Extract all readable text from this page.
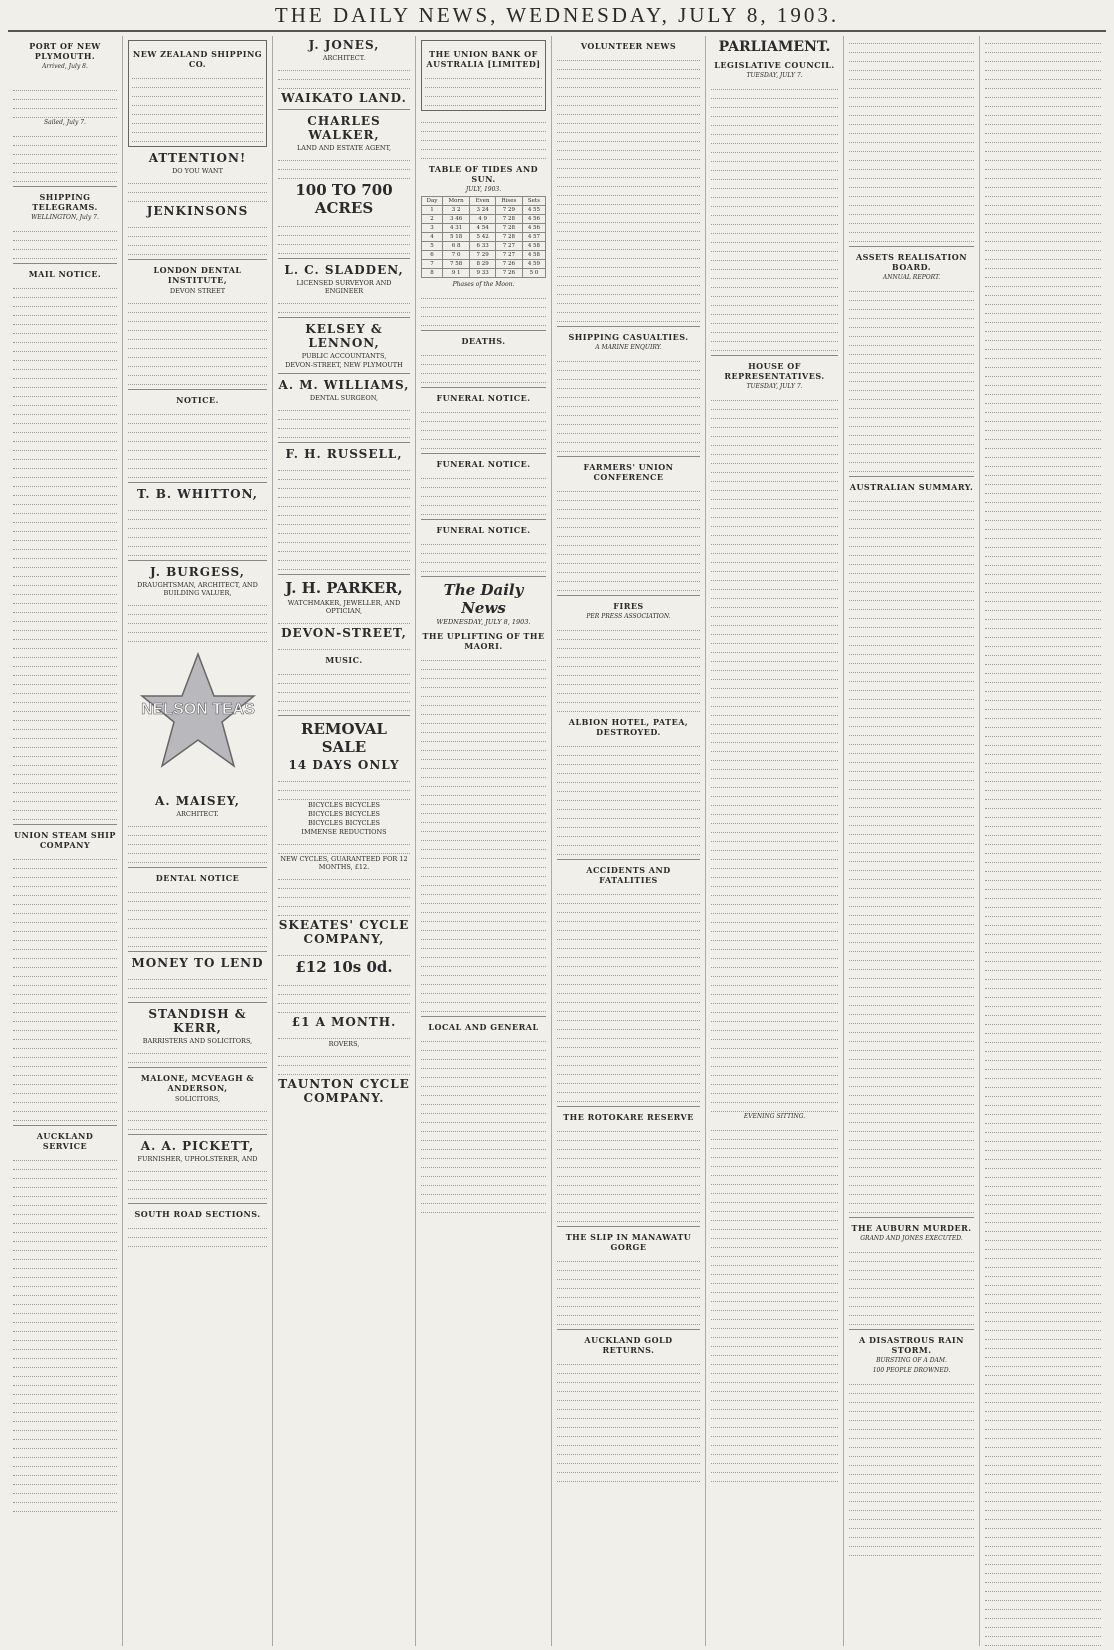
THE DAILY NEWS, WEDNESDAY, JULY 8, 1903.
PORT OF NEW PLYMOUTH.
Arrived, July 8.
Sailed, July 7.
SHIPPING TELEGRAMS.
WELLINGTON, July 7.
MAIL NOTICE.
UNION STEAM SHIP COMPANY
AUCKLAND SERVICE
NEW ZEALAND SHIPPING CO.
ATTENTION!
DO YOU WANT
JENKINSONS
LONDON DENTAL INSTITUTE,
DEVON STREET
NOTICE.
T. B. WHITTON,
J. BURGESS,
DRAUGHTSMAN, ARCHITECT, AND BUILDING VALUER,
NELSON TEAS
A. MAISEY,
ARCHITECT.
DENTAL NOTICE
MONEY TO LEND
STANDISH & KERR,
BARRISTERS AND SOLICITORS,
MALONE, MCVEAGH & ANDERSON,
SOLICITORS,
A. A. PICKETT,
FURNISHER, UPHOLSTERER, AND
SOUTH ROAD SECTIONS.
J. JONES,
ARCHITECT.
WAIKATO LAND.
CHARLES WALKER,
LAND AND ESTATE AGENT,
100 TO 700 ACRES
L. C. SLADDEN,
LICENSED SURVEYOR AND ENGINEER
KELSEY & LENNON,
PUBLIC ACCOUNTANTS,
DEVON-STREET, NEW PLYMOUTH
A. M. WILLIAMS,
DENTAL SURGEON,
F. H. RUSSELL,
J. H. PARKER,
WATCHMAKER, JEWELLER, AND OPTICIAN,
DEVON-STREET,
MUSIC.
REMOVAL SALE
14 DAYS ONLY
BICYCLES BICYCLES
BICYCLES BICYCLES
BICYCLES BICYCLES
IMMENSE REDUCTIONS
NEW CYCLES, GUARANTEED FOR 12 MONTHS, £12.
SKEATES' CYCLE COMPANY,
£12 10s 0d.
£1 A MONTH.
ROVERS,
TAUNTON CYCLE COMPANY.
THE UNION BANK OF AUSTRALIA [LIMITED]
TABLE OF TIDES AND SUN.
JULY, 1903.
Day	Morn	Even	Rises	Sets
1	3 2	3 24	7 29	4 55
2	3 46	4 9	7 28	4 56
3	4 31	4 54	7 28	4 56
4	5 18	5 42	7 28	4 57
5	6 8	6 33	7 27	4 58
6	7 0	7 29	7 27	4 58
7	7 58	8 29	7 26	4 59
8	9 1	9 33	7 26	5 0
Phases of the Moon.
DEATHS.
FUNERAL NOTICE.
FUNERAL NOTICE.
FUNERAL NOTICE.
The Daily News
WEDNESDAY, JULY 8, 1903.
THE UPLIFTING OF THE MAORI.
LOCAL AND GENERAL
VOLUNTEER NEWS
SHIPPING CASUALTIES.
A MARINE ENQUIRY.
FARMERS' UNION CONFERENCE
FIRES
PER PRESS ASSOCIATION.
ALBION HOTEL, PATEA, DESTROYED.
ACCIDENTS AND FATALITIES
THE ROTOKARE RESERVE
THE SLIP IN MANAWATU GORGE
AUCKLAND GOLD RETURNS.
PARLIAMENT.
LEGISLATIVE COUNCIL.
TUESDAY, JULY 7.
HOUSE OF REPRESENTATIVES.
TUESDAY, JULY 7.
EVENING SITTING.
ASSETS REALISATION BOARD.
ANNUAL REPORT.
AUSTRALIAN SUMMARY.
THE AUBURN MURDER.
GRAND AND JONES EXECUTED.
A DISASTROUS RAIN STORM.
BURSTING OF A DAM.
100 PEOPLE DROWNED.
